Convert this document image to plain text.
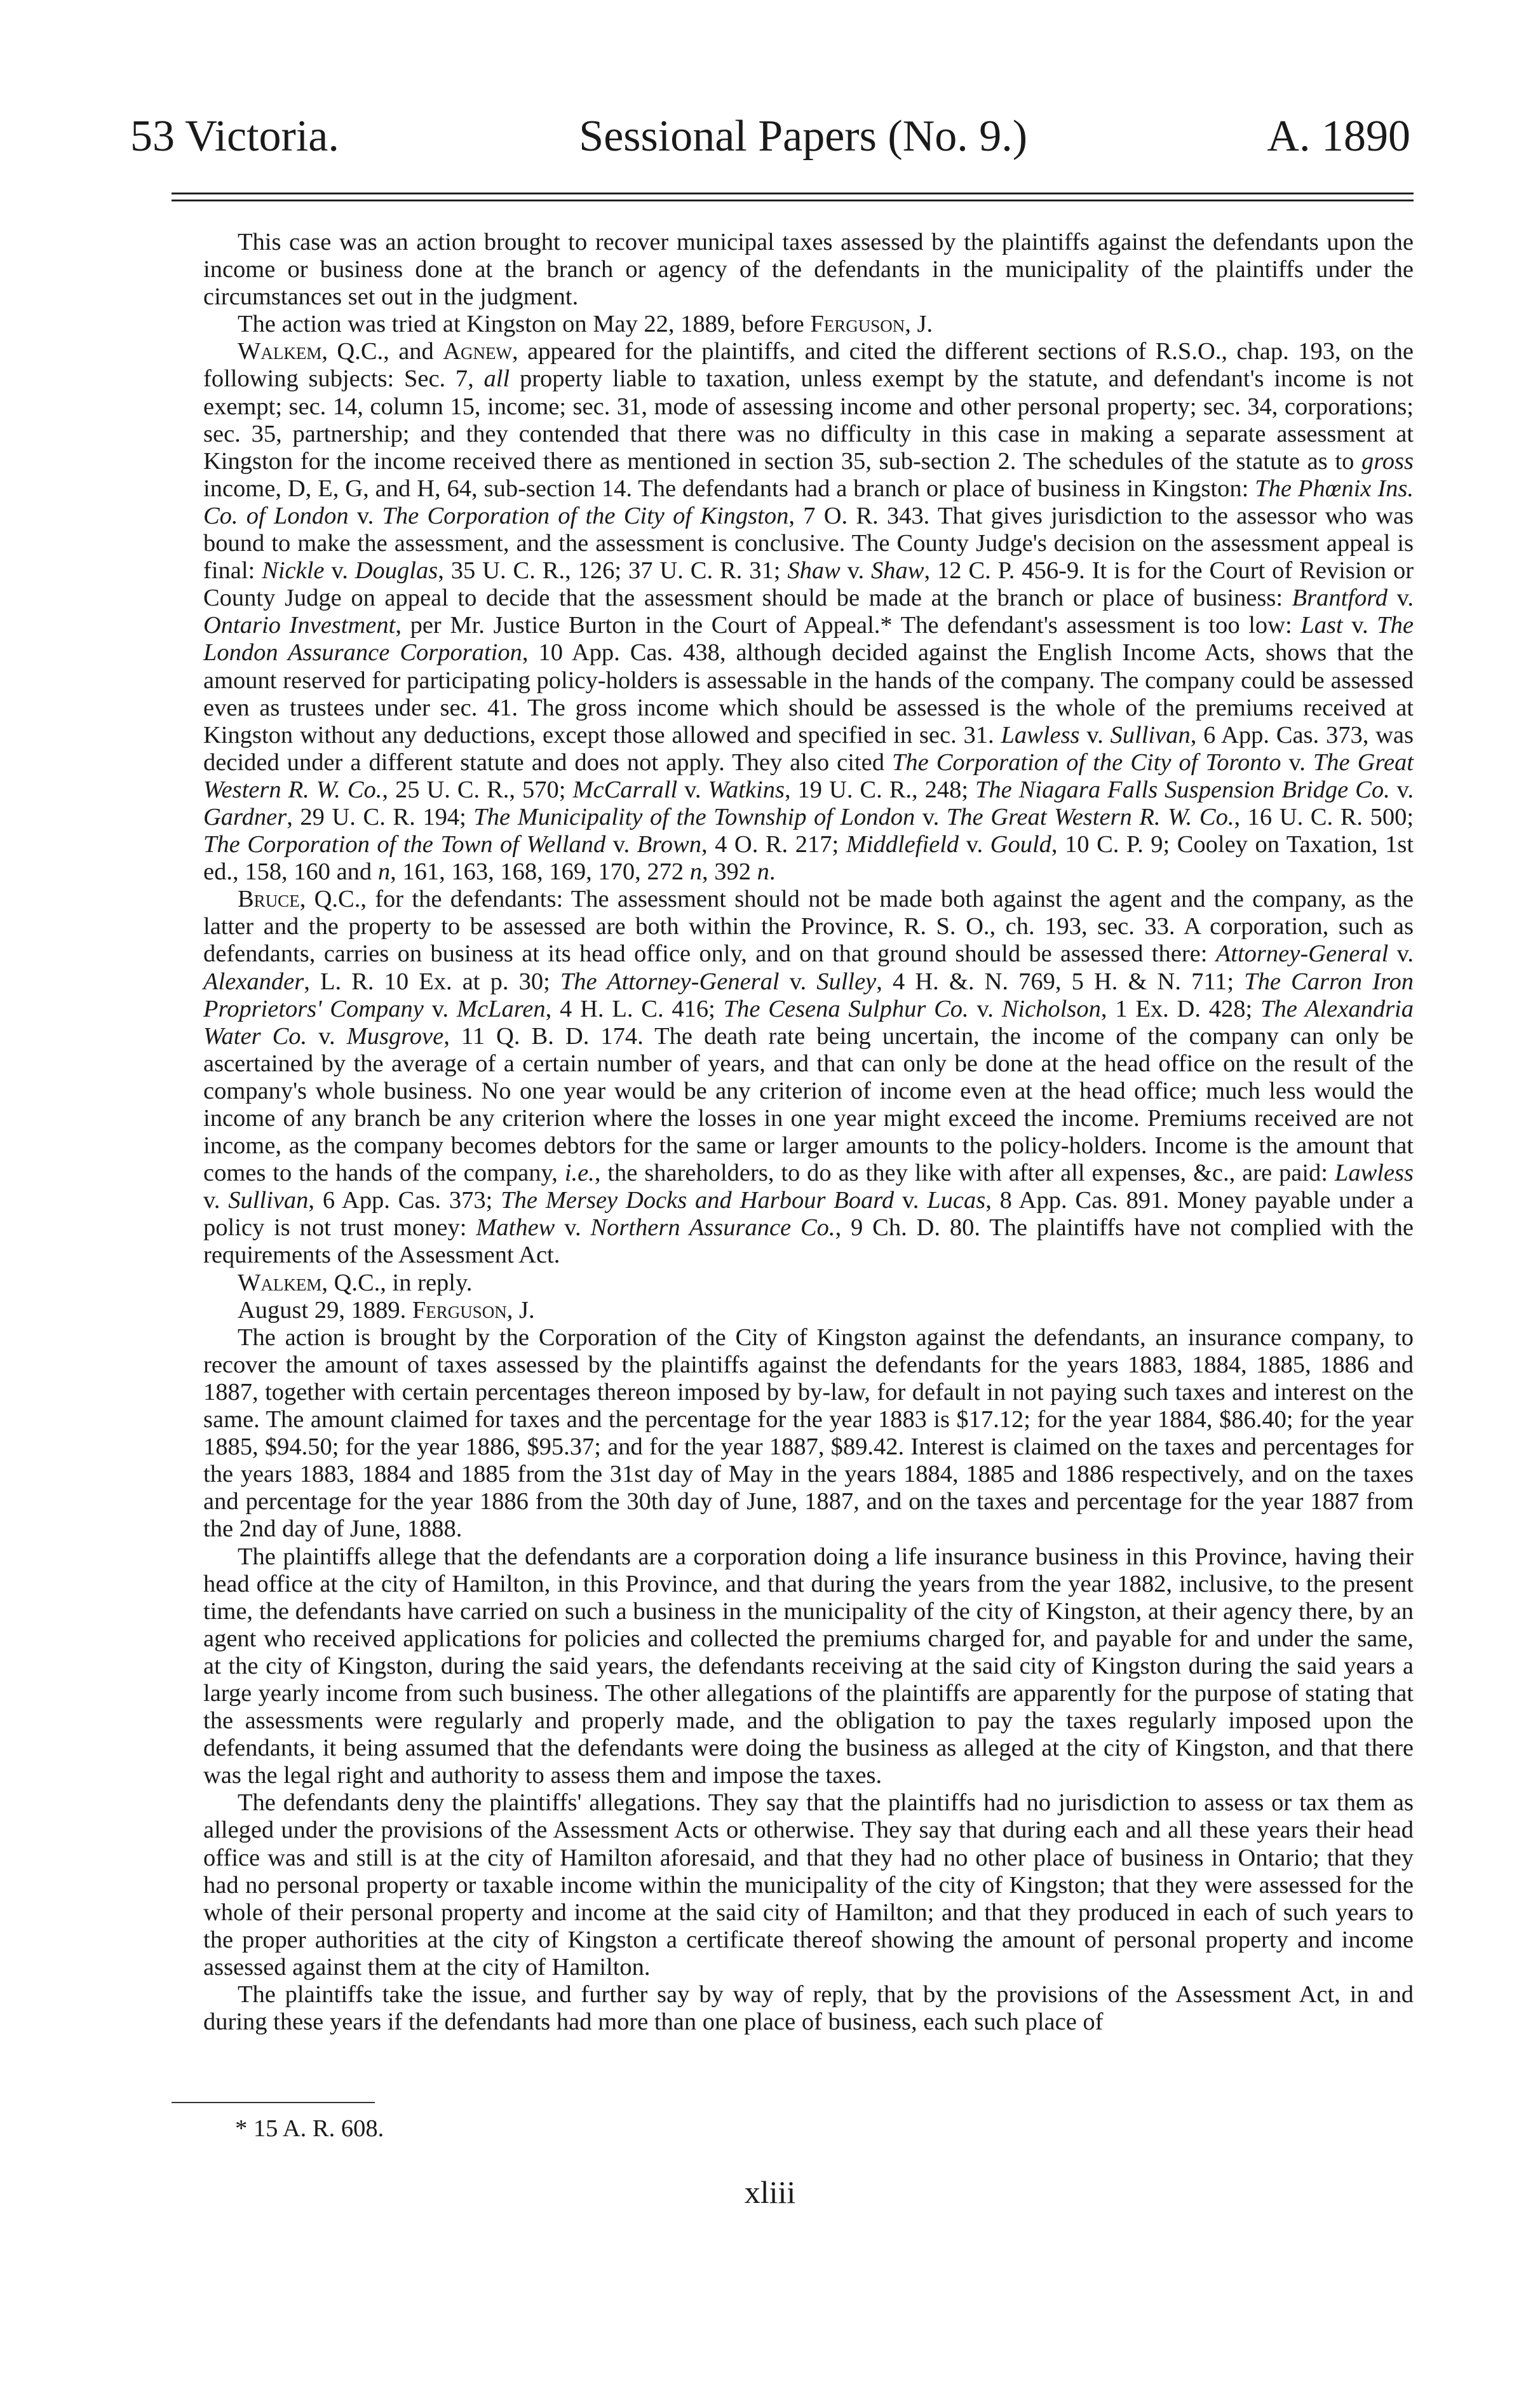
53 Victoria.	Sessional Papers (No. 9.)	A. 1890

This case was an action brought to recover municipal taxes assessed by the plaintiffs against the defendants upon the income or business done at the branch or agency of the defendants in the municipality of the plaintiffs under the circumstances set out in the judgment.

The action was tried at Kingston on May 22, 1889, before Ferguson, J.

Walkem, Q.C., and Agnew, appeared for the plaintiffs, and cited the different sections of R.S.O., chap. 193, on the following subjects: Sec. 7, all property liable to taxation, unless exempt by the statute, and defendant's income is not exempt; sec. 14, column 15, income; sec. 31, mode of assessing income and other personal property; sec. 34, corporations; sec. 35, partnership; and they contended that there was no difficulty in this case in making a separate assessment at Kingston for the income received there as mentioned in section 35, sub-section 2. The schedules of the statute as to gross income, D, E, G, and H, 64, sub-section 14. The defendants had a branch or place of business in Kingston: The Phœnix Ins. Co. of London v. The Corporation of the City of Kingston, 7 O. R. 343. That gives jurisdiction to the assessor who was bound to make the assessment, and the assessment is conclusive. The County Judge's decision on the assessment appeal is final: Nickle v. Douglas, 35 U. C. R., 126; 37 U. C. R. 31; Shaw v. Shaw, 12 C. P. 456-9. It is for the Court of Revision or County Judge on appeal to decide that the assessment should be made at the branch or place of business: Brantford v. Ontario Investment, per Mr. Justice Burton in the Court of Appeal.* The defendant's assessment is too low: Last v. The London Assurance Corporation, 10 App. Cas. 438, although decided against the English Income Acts, shows that the amount reserved for participating policy-holders is assessable in the hands of the company. The company could be assessed even as trustees under sec. 41. The gross income which should be assessed is the whole of the premiums received at Kingston without any deductions, except those allowed and specified in sec. 31. Lawless v. Sullivan, 6 App. Cas. 373, was decided under a different statute and does not apply. They also cited The Corporation of the City of Toronto v. The Great Western R. W. Co., 25 U. C. R., 570; McCarrall v. Watkins, 19 U. C. R., 248; The Niagara Falls Suspension Bridge Co. v. Gardner, 29 U. C. R. 194; The Municipality of the Township of London v. The Great Western R. W. Co., 16 U. C. R. 500; The Corporation of the Town of Welland v. Brown, 4 O. R. 217; Middlefield v. Gould, 10 C. P. 9; Cooley on Taxation, 1st ed., 158, 160 and n, 161, 163, 168, 169, 170, 272 n, 392 n.

Bruce, Q.C., for the defendants: The assessment should not be made both against the agent and the company, as the latter and the property to be assessed are both within the Province, R. S. O., ch. 193, sec. 33. A corporation, such as defendants, carries on business at its head office only, and on that ground should be assessed there: Attorney-General v. Alexander, L. R. 10 Ex. at p. 30; The Attorney-General v. Sulley, 4 H. &. N. 769, 5 H. & N. 711; The Carron Iron Proprietors' Company v. McLaren, 4 H. L. C. 416; The Cesena Sulphur Co. v. Nicholson, 1 Ex. D. 428; The Alexandria Water Co. v. Musgrove, 11 Q. B. D. 174. The death rate being uncertain, the income of the company can only be ascertained by the average of a certain number of years, and that can only be done at the head office on the result of the company's whole business. No one year would be any criterion of income even at the head office; much less would the income of any branch be any criterion where the losses in one year might exceed the income. Premiums received are not income, as the company becomes debtors for the same or larger amounts to the policy-holders. Income is the amount that comes to the hands of the company, i.e., the shareholders, to do as they like with after all expenses, &c., are paid: Lawless v. Sullivan, 6 App. Cas. 373; The Mersey Docks and Harbour Board v. Lucas, 8 App. Cas. 891. Money payable under a policy is not trust money: Mathew v. Northern Assurance Co., 9 Ch. D. 80. The plaintiffs have not complied with the requirements of the Assessment Act.

Walkem, Q.C., in reply.

August 29, 1889. Ferguson, J.

The action is brought by the Corporation of the City of Kingston against the defendants, an insurance company, to recover the amount of taxes assessed by the plaintiffs against the defendants for the years 1883, 1884, 1885, 1886 and 1887, together with certain percentages thereon imposed by by-law, for default in not paying such taxes and interest on the same. The amount claimed for taxes and the percentage for the year 1883 is $17.12; for the year 1884, $86.40; for the year 1885, $94.50; for the year 1886, $95.37; and for the year 1887, $89.42. Interest is claimed on the taxes and percentages for the years 1883, 1884 and 1885 from the 31st day of May in the years 1884, 1885 and 1886 respectively, and on the taxes and percentage for the year 1886 from the 30th day of June, 1887, and on the taxes and percentage for the year 1887 from the 2nd day of June, 1888.

The plaintiffs allege that the defendants are a corporation doing a life insurance business in this Province, having their head office at the city of Hamilton, in this Province, and that during the years from the year 1882, inclusive, to the present time, the defendants have carried on such a business in the municipality of the city of Kingston, at their agency there, by an agent who received applications for policies and collected the premiums charged for, and payable for and under the same, at the city of Kingston, during the said years, the defendants receiving at the said city of Kingston during the said years a large yearly income from such business. The other allegations of the plaintiffs are apparently for the purpose of stating that the assessments were regularly and properly made, and the obligation to pay the taxes regularly imposed upon the defendants, it being assumed that the defendants were doing the business as alleged at the city of Kingston, and that there was the legal right and authority to assess them and impose the taxes.

The defendants deny the plaintiffs' allegations. They say that the plaintiffs had no jurisdiction to assess or tax them as alleged under the provisions of the Assessment Acts or otherwise. They say that during each and all these years their head office was and still is at the city of Hamilton aforesaid, and that they had no other place of business in Ontario; that they had no personal property or taxable income within the municipality of the city of Kingston; that they were assessed for the whole of their personal property and income at the said city of Hamilton; and that they produced in each of such years to the proper authorities at the city of Kingston a certificate thereof showing the amount of personal property and income assessed against them at the city of Hamilton.

The plaintiffs take the issue, and further say by way of reply, that by the provisions of the Assessment Act, in and during these years if the defendants had more than one place of business, each such place of

* 15 A. R. 608.
xliii
